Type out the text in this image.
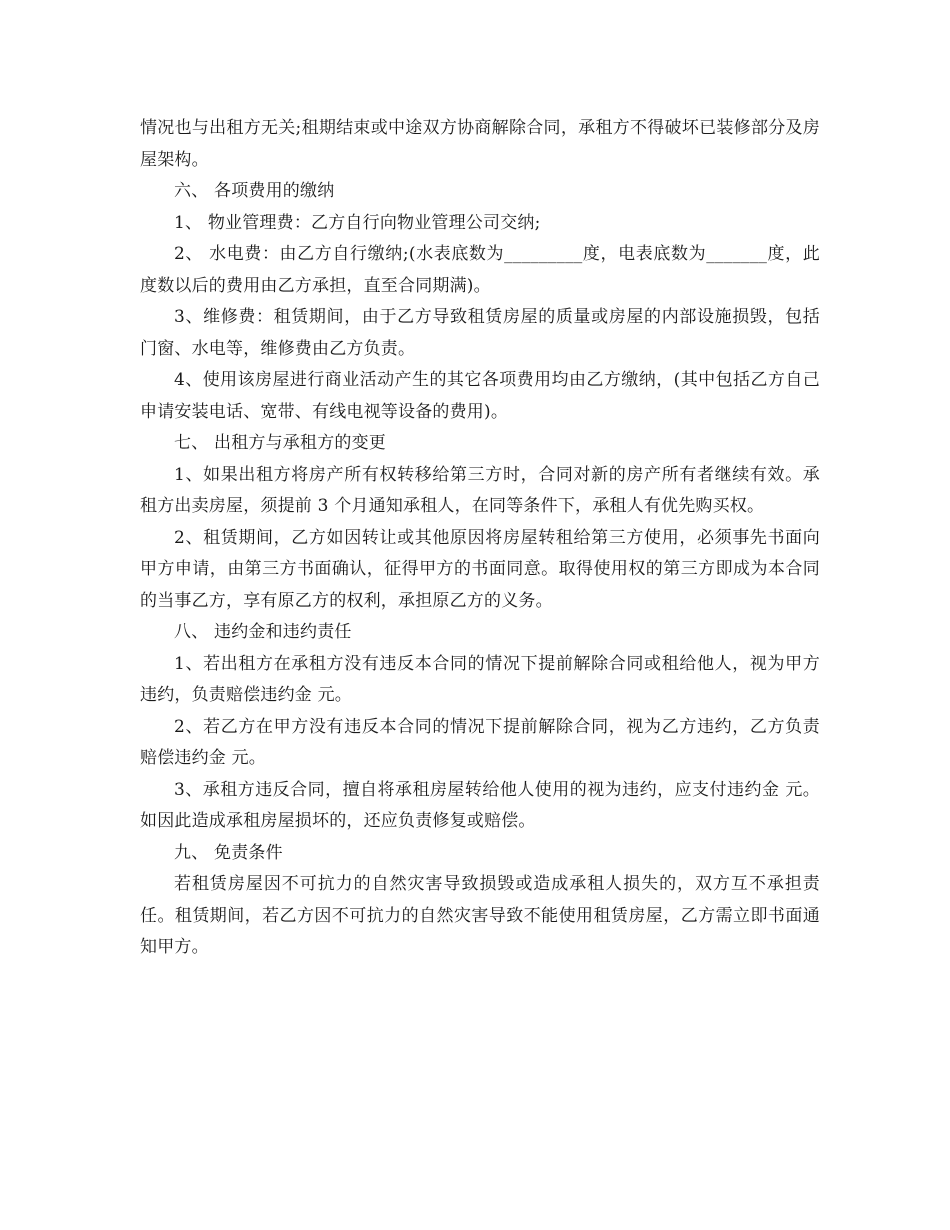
情况也与出租方无关;租期结束或中途双方协商解除合同，承租方不得破坏已装修部分及房屋架构。

六、 各项费用的缴纳

1、 物业管理费：乙方自行向物业管理公司交纳;

2、 水电费：由乙方自行缴纳;(水表底数为_________度，电表底数为_______度，此度数以后的费用由乙方承担，直至合同期满)。

3、维修费：租赁期间，由于乙方导致租赁房屋的质量或房屋的内部设施损毁，包括门窗、水电等，维修费由乙方负责。

4、使用该房屋进行商业活动产生的其它各项费用均由乙方缴纳，(其中包括乙方自己申请安装电话、宽带、有线电视等设备的费用)。

七、 出租方与承租方的变更

1、如果出租方将房产所有权转移给第三方时，合同对新的房产所有者继续有效。承租方出卖房屋，须提前 3 个月通知承租人，在同等条件下，承租人有优先购买权。

2、租赁期间，乙方如因转让或其他原因将房屋转租给第三方使用，必须事先书面向甲方申请，由第三方书面确认，征得甲方的书面同意。取得使用权的第三方即成为本合同的当事乙方，享有原乙方的权利，承担原乙方的义务。

八、 违约金和违约责任

1、若出租方在承租方没有违反本合同的情况下提前解除合同或租给他人，视为甲方违约，负责赔偿违约金 元。

2、若乙方在甲方没有违反本合同的情况下提前解除合同，视为乙方违约，乙方负责赔偿违约金 元。

3、承租方违反合同，擅自将承租房屋转给他人使用的视为违约，应支付违约金 元。如因此造成承租房屋损坏的，还应负责修复或赔偿。

九、 免责条件

若租赁房屋因不可抗力的自然灾害导致损毁或造成承租人损失的，双方互不承担责任。租赁期间，若乙方因不可抗力的自然灾害导致不能使用租赁房屋，乙方需立即书面通知甲方。
